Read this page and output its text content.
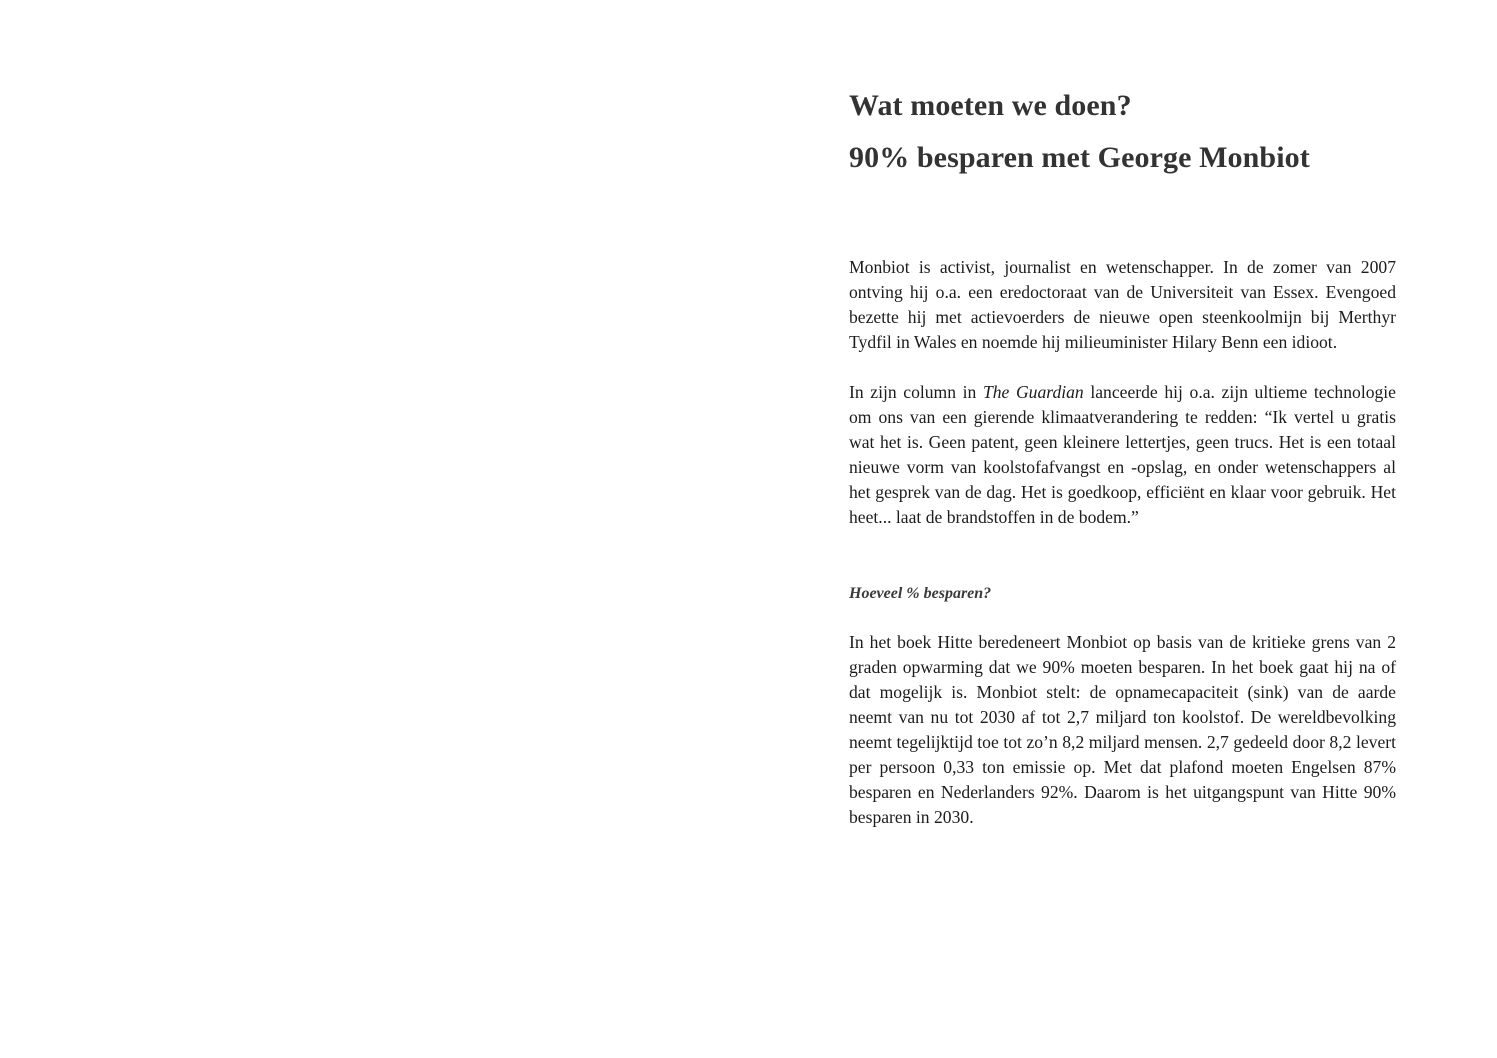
Wat moeten we doen?
90% besparen met George Monbiot

Monbiot is activist, journalist en wetenschapper. In de zomer van 2007 ontving hij o.a. een eredoctoraat van de Universiteit van Essex. Evengoed bezette hij met actievoerders de nieuwe open steenkoolmijn bij Merthyr Tydfil in Wales en noemde hij milieuminister Hilary Benn een idioot.

In zijn column in The Guardian lanceerde hij o.a. zijn ultieme technologie om ons van een gierende klimaatverandering te redden: “Ik vertel u gratis wat het is. Geen patent, geen kleinere lettertjes, geen trucs. Het is een totaal nieuwe vorm van koolstofafvangst en -opslag, en onder wetenschappers al het gesprek van de dag. Het is goedkoop, efficiënt en klaar voor gebruik. Het heet... laat de brandstoffen in de bodem.”

Hoeveel % besparen?

In het boek Hitte beredeneert Monbiot op basis van de kritieke grens van 2 graden opwarming dat we 90% moeten besparen. In het boek gaat hij na of dat mogelijk is. Monbiot stelt: de opnamecapaciteit (sink) van de aarde neemt van nu tot 2030 af tot 2,7 miljard ton koolstof. De wereldbevolking neemt tegelijktijd toe tot zo’n 8,2 miljard mensen. 2,7 gedeeld door 8,2 levert per persoon 0,33 ton emissie op. Met dat plafond moeten Engelsen 87% besparen en Nederlanders 92%. Daarom is het uitgangspunt van Hitte 90% besparen in 2030.
